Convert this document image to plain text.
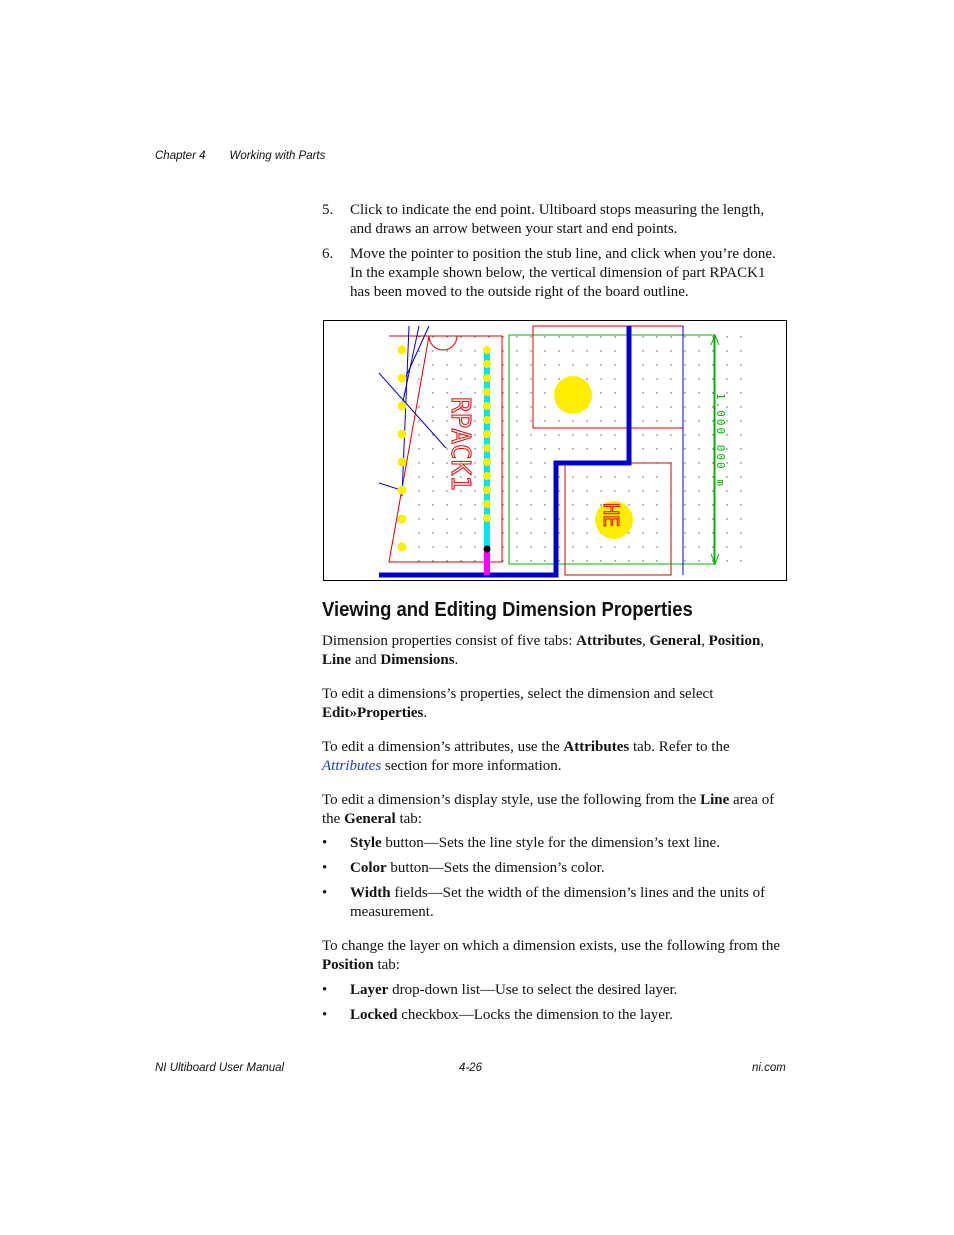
Chapter 4 Working with Parts

5. Click to indicate the end point. Ultiboard stops measuring the length, and draws an arrow between your start and end points.

6. Move the pointer to position the stub line, and click when you’re done. In the example shown below, the vertical dimension of part RPACK1 has been moved to the outside right of the board outline.

RPACK1
HE
1.000 000 m
Viewing and Editing Dimension Properties
Dimension properties consist of five tabs: Attributes, General, Position, Line and Dimensions.
To edit a dimensions’s properties, select the dimension and select Edit»Properties.
To edit a dimension’s attributes, use the Attributes tab. Refer to the Attributes section for more information.
To edit a dimension’s display style, use the following from the Line area of the General tab:

• Style button—Sets the line style for the dimension’s text line.

• Color button—Sets the dimension’s color.

• Width fields—Set the width of the dimension’s lines and the units of measurement.

To change the layer on which a dimension exists, use the following from the Position tab:

• Layer drop-down list—Use to select the desired layer.

• Locked checkbox—Locks the dimension to the layer.

NI Ultiboard User Manual	4-26	ni.com
